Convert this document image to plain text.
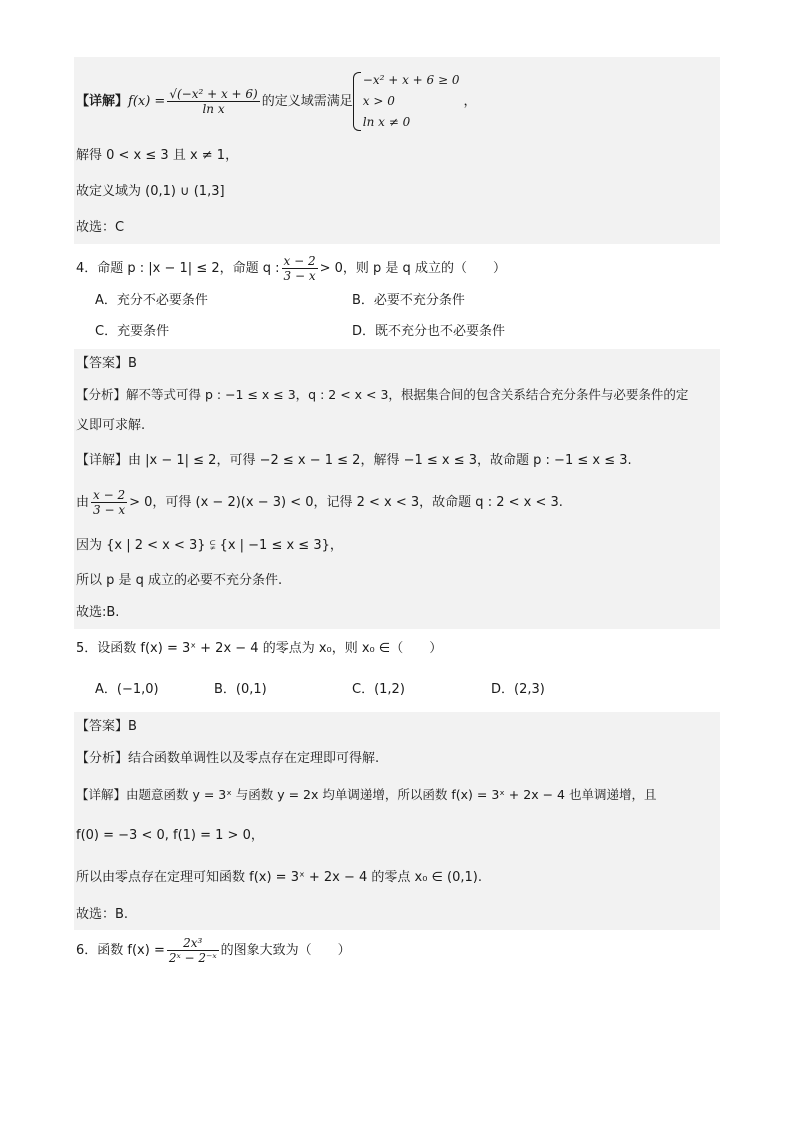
【详解】$f(x) = \frac{\text{√(−x² + x + 6)}}{\text{ln x}}$ 的定义域需满足
−x² + x + 6 ≥ 0
x > 0
ln x ≠ 0
，
解得 0 < x ≤ 3 且 x ≠ 1，
故定义域为 (0,1) ∪ (1,3]
故选：C
4．命题 p : |x − 1| ≤ 2，命题 q : $\frac{x - 2}{3 - x} > 0$，则 p 是 q 成立的（　　）
A．充分不必要条件	B．必要不充分条件
C．充要条件	D．既不充分也不必要条件
【答案】B
【分析】解不等式可得 p : −1 ≤ x ≤ 3，q : 2 < x < 3，根据集合间的包含关系结合充分条件与必要条件的定
义即可求解.
【详解】由 |x − 1| ≤ 2，可得 −2 ≤ x − 1 ≤ 2，解得 −1 ≤ x ≤ 3，故命题 p : −1 ≤ x ≤ 3.
由 $\frac{x - 2}{3 - x} > 0$，可得 (x − 2)(x − 3) < 0，记得 2 < x < 3，故命题 q : 2 < x < 3.
因为 {x | 2 < x < 3} ⫋ {x | −1 ≤ x ≤ 3}，
所以 p 是 q 成立的必要不充分条件.
故选:B.
5．设函数 f(x) = 3ˣ + 2x − 4 的零点为 x₀，则 x₀ ∈（　　）
A．(−1,0)	B．(0,1)	C．(1,2)	D．(2,3)
【答案】B
【分析】结合函数单调性以及零点存在定理即可得解.
【详解】由题意函数 y = 3ˣ 与函数 y = 2x 均单调递增，所以函数 f(x) = 3ˣ + 2x − 4 也单调递增，且
f(0) = −3 < 0, f(1) = 1 > 0，
所以由零点存在定理可知函数 f(x) = 3ˣ + 2x − 4 的零点 x₀ ∈ (0,1).
故选：B.
6．函数 $f(x) = \frac{\text{2x³}}{\text{2ˣ − 2⁻ˣ}}$ 的图象大致为（　　）
